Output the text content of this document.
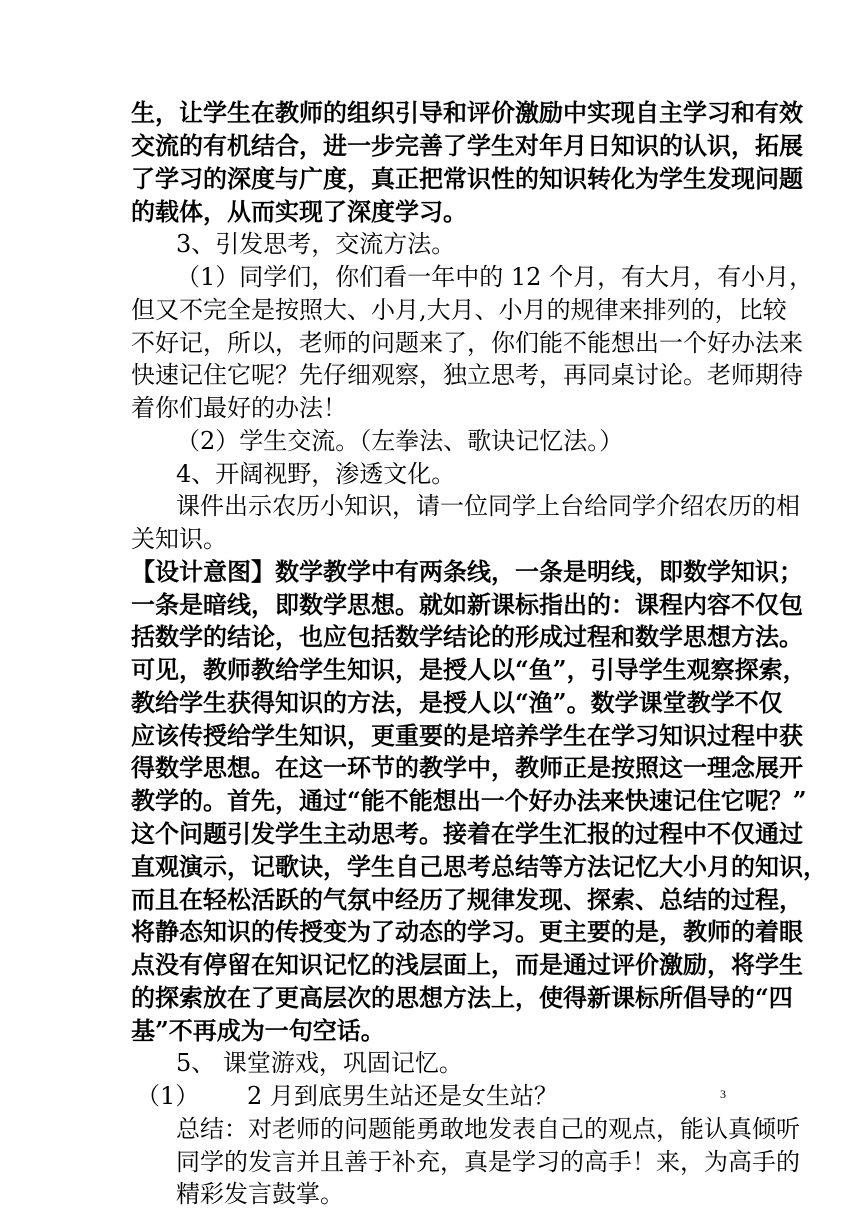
生，让学生在教师的组织引导和评价激励中实现自主学习和有效
交流的有机结合，进一步完善了学生对年月日知识的认识，拓展
了学习的深度与广度，真正把常识性的知识转化为学生发现问题
的载体，从而实现了深度学习。
3、引发思考，交流方法。
（1）同学们，你们看一年中的 12 个月，有大月，有小月，
但又不完全是按照大、小月,大月、小月的规律来排列的，比较
不好记，所以，老师的问题来了，你们能不能想出一个好办法来
快速记住它呢？先仔细观察，独立思考，再同桌讨论。老师期待
着你们最好的办法！
（2）学生交流。（左拳法、歌诀记忆法。）
4、开阔视野，渗透文化。
课件出示农历小知识，请一位同学上台给同学介绍农历的相
关知识。
【设计意图】数学教学中有两条线，一条是明线，即数学知识；
一条是暗线，即数学思想。就如新课标指出的：课程内容不仅包
括数学的结论，也应包括数学结论的形成过程和数学思想方法。
可见，教师教给学生知识，是授人以“鱼”，引导学生观察探索，
教给学生获得知识的方法，是授人以“渔”。数学课堂教学不仅
应该传授给学生知识，更重要的是培养学生在学习知识过程中获
得数学思想。在这一环节的教学中，教师正是按照这一理念展开
教学的。首先，通过“能不能想出一个好办法来快速记住它呢？”
这个问题引发学生主动思考。接着在学生汇报的过程中不仅通过
直观演示，记歌诀，学生自己思考总结等方法记忆大小月的知识，
而且在轻松活跃的气氛中经历了规律发现、探索、总结的过程，
将静态知识的传授变为了动态的学习。更主要的是，教师的着眼
点没有停留在知识记忆的浅层面上，而是通过评价激励，将学生
的探索放在了更高层次的思想方法上，使得新课标所倡导的“四
基”不再成为一句空话。
5、 课堂游戏，巩固记忆。
（1） 2 月到底男生站还是女生站？
总结：对老师的问题能勇敢地发表自己的观点，能认真倾听
同学的发言并且善于补充，真是学习的高手！来，为高手的
精彩发言鼓掌。
3
